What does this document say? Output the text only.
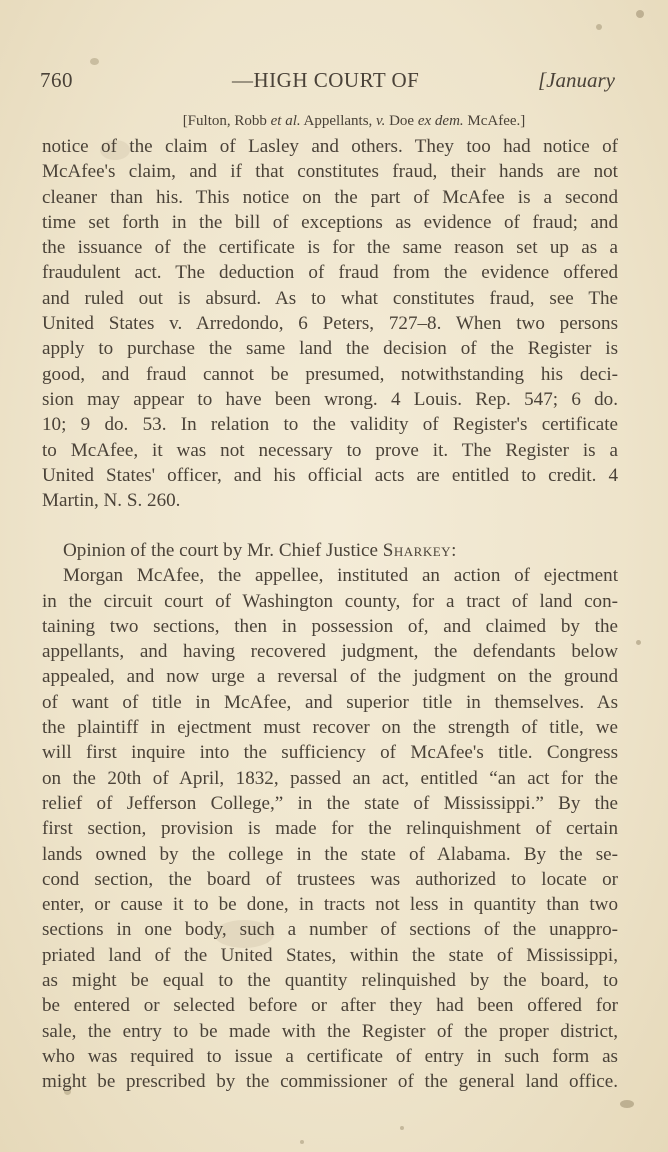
760	—HIGH COURT OF	[January
[Fulton, Robb et al. Appellants, v. Doe ex dem. McAfee.]
notice of the claim of Lasley and others. They too had notice of
McAfee's claim, and if that constitutes fraud, their hands are not
cleaner than his. This notice on the part of McAfee is a second
time set forth in the bill of exceptions as evidence of fraud; and
the issuance of the certificate is for the same reason set up as a
fraudulent act. The deduction of fraud from the evidence offered
and ruled out is absurd. As to what constitutes fraud, see The
United States v. Arredondo, 6 Peters, 727–8. When two persons
apply to purchase the same land the decision of the Register is
good, and fraud cannot be presumed, notwithstanding his deci-
sion may appear to have been wrong. 4 Louis. Rep. 547; 6 do.
10; 9 do. 53. In relation to the validity of Register's certificate
to McAfee, it was not necessary to prove it. The Register is a
United States' officer, and his official acts are entitled to credit. 4
Martin, N. S. 260.
Opinion of the court by Mr. Chief Justice Sharkey:
Morgan McAfee, the appellee, instituted an action of ejectment
in the circuit court of Washington county, for a tract of land con-
taining two sections, then in possession of, and claimed by the
appellants, and having recovered judgment, the defendants below
appealed, and now urge a reversal of the judgment on the ground
of want of title in McAfee, and superior title in themselves. As
the plaintiff in ejectment must recover on the strength of title, we
will first inquire into the sufficiency of McAfee's title. Congress
on the 20th of April, 1832, passed an act, entitled “an act for the
relief of Jefferson College,” in the state of Mississippi.” By the
first section, provision is made for the relinquishment of certain
lands owned by the college in the state of Alabama. By the se-
cond section, the board of trustees was authorized to locate or
enter, or cause it to be done, in tracts not less in quantity than two
sections in one body, such a number of sections of the unappro-
priated land of the United States, within the state of Mississippi,
as might be equal to the quantity relinquished by the board, to
be entered or selected before or after they had been offered for
sale, the entry to be made with the Register of the proper district,
who was required to issue a certificate of entry in such form as
might be prescribed by the commissioner of the general land office.
